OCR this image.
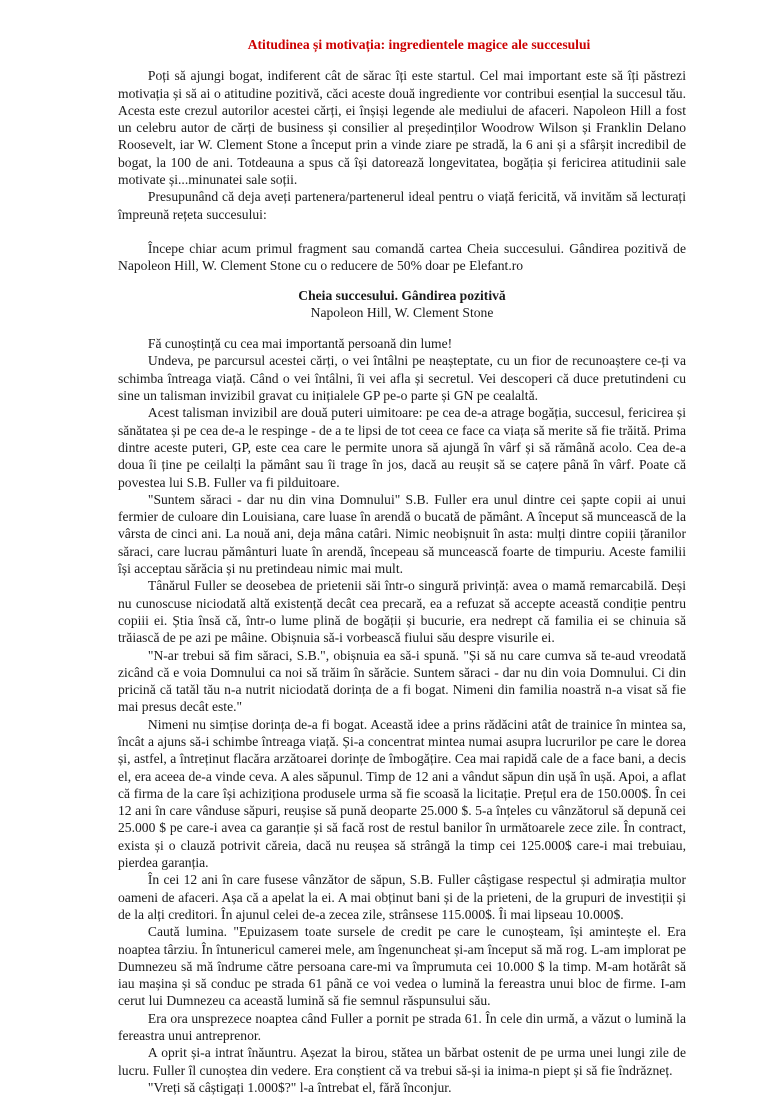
Atitudinea și motivația: ingredientele magice ale succesului

Poți să ajungi bogat, indiferent cât de sărac îți este startul. Cel mai important este să îți păstrezi motivația și să ai o atitudine pozitivă, căci aceste două ingrediente vor contribui esențial la succesul tău. Acesta este crezul autorilor acestei cărți, ei înșiși legende ale mediului de afaceri. Napoleon Hill a fost un celebru autor de cărți de business și consilier al președinților Woodrow Wilson și Franklin Delano Roosevelt, iar W. Clement Stone a început prin a vinde ziare pe stradă, la 6 ani și a sfârșit incredibil de bogat, la 100 de ani. Totdeauna a spus că își datorează longevitatea, bogăția și fericirea atitudinii sale motivate și...minunatei sale soții.

Presupunând că deja aveți partenera/partenerul ideal pentru o viață fericită, vă invităm să lecturați împreună rețeta succesului:

Începe chiar acum primul fragment sau comandă cartea Cheia succesului. Gândirea pozitivă de Napoleon Hill, W. Clement Stone cu o reducere de 50% doar pe Elefant.ro

Cheia succesului. Gândirea pozitivă

Napoleon Hill, W. Clement Stone

Fă cunoștință cu cea mai importantă persoană din lume!

Undeva, pe parcursul acestei cărți, o vei întâlni pe neașteptate, cu un fior de recunoaștere ce-ți va schimba întreaga viață. Când o vei întâlni, îi vei afla și secretul. Vei descoperi că duce pretutindeni cu sine un talisman invizibil gravat cu inițialele GP pe-o parte și GN pe cealaltă.

Acest talisman invizibil are două puteri uimitoare: pe cea de-a atrage bogăția, succesul, fericirea și sănătatea și pe cea de-a le respinge - de a te lipsi de tot ceea ce face ca viața să merite să fie trăită. Prima dintre aceste puteri, GP, este cea care le permite unora să ajungă în vârf și să rămână acolo. Cea de-a doua îi ține pe ceilalți la pământ sau îi trage în jos, dacă au reușit să se cațere până în vârf. Poate că povestea lui S.B. Fuller va fi pilduitoare.

"Suntem săraci - dar nu din vina Domnului" S.B. Fuller era unul dintre cei șapte copii ai unui fermier de culoare din Louisiana, care luase în arendă o bucată de pământ. A început să muncească de la vârsta de cinci ani. La nouă ani, deja mâna catâri. Nimic neobișnuit în asta: mulți dintre copiii țăranilor săraci, care lucrau pământuri luate în arendă, începeau să muncească foarte de timpuriu. Aceste familii își acceptau sărăcia și nu pretindeau nimic mai mult.

Tânărul Fuller se deosebea de prietenii săi într-o singură privință: avea o mamă remarcabilă. Deși nu cunoscuse niciodată altă existență decât cea precară, ea a refuzat să accepte această condiție pentru copiii ei. Știa însă că, într-o lume plină de bogății și bucurie, era nedrept că familia ei se chinuia să trăiască de pe azi pe mâine. Obișnuia să-i vorbească fiului său despre visurile ei.

"N-ar trebui să fim săraci, S.B.", obișnuia ea să-i spună. "Și să nu care cumva să te-aud vreodată zicând că e voia Domnului ca noi să trăim în sărăcie. Suntem săraci - dar nu din voia Domnului. Ci din pricină că tatăl tău n-a nutrit niciodată dorința de a fi bogat. Nimeni din familia noastră n-a visat să fie mai presus decât este."

Nimeni nu simțise dorința de-a fi bogat. Această idee a prins rădăcini atât de trainice în mintea sa, încât a ajuns să-i schimbe întreaga viață. Și-a concentrat mintea numai asupra lucrurilor pe care le dorea și, astfel, a întreținut flacăra arzătoarei dorințe de îmbogățire. Cea mai rapidă cale de a face bani, a decis el, era aceea de-a vinde ceva. A ales săpunul. Timp de 12 ani a vândut săpun din ușă în ușă. Apoi, a aflat că firma de la care își achiziționa produsele urma să fie scoasă la licitație. Prețul era de 150.000$. În cei 12 ani în care vânduse săpuri, reușise să pună deoparte 25.000 $. 5-a înțeles cu vânzătorul să depună cei 25.000 $ pe care-i avea ca garanție și să facă rost de restul banilor în următoarele zece zile. În contract, exista și o clauză potrivit căreia, dacă nu reușea să strângă la timp cei 125.000$ care-i mai trebuiau, pierdea garanția.

În cei 12 ani în care fusese vânzător de săpun, S.B. Fuller câștigase respectul și admirația multor oameni de afaceri. Așa că a apelat la ei. A mai obținut bani și de la prieteni, de la grupuri de investiții și de la alți creditori. În ajunul celei de-a zecea zile, strânsese 115.000$. Îi mai lipseau 10.000$.

Caută lumina. "Epuizasem toate sursele de credit pe care le cunoșteam, își amintește el. Era noaptea târziu. În întunericul camerei mele, am îngenuncheat și-am început să mă rog. L-am implorat pe Dumnezeu să mă îndrume către persoana care-mi va împrumuta cei 10.000 $ la timp. M-am hotărât să iau mașina și să conduc pe strada 61 până ce voi vedea o lumină la fereastra unui bloc de firme. I-am cerut lui Dumnezeu ca această lumină să fie semnul răspunsului său.

Era ora unsprezece noaptea când Fuller a pornit pe strada 61. În cele din urmă, a văzut o lumină la fereastra unui antreprenor.

A oprit și-a intrat înăuntru. Așezat la birou, stătea un bărbat ostenit de pe urma unei lungi zile de lucru. Fuller îl cunoștea din vedere. Era conștient că va trebui să-și ia inima-n piept și să fie îndrăzneț.

"Vreți să câștigați 1.000$?" l-a întrebat el, fără înconjur.
